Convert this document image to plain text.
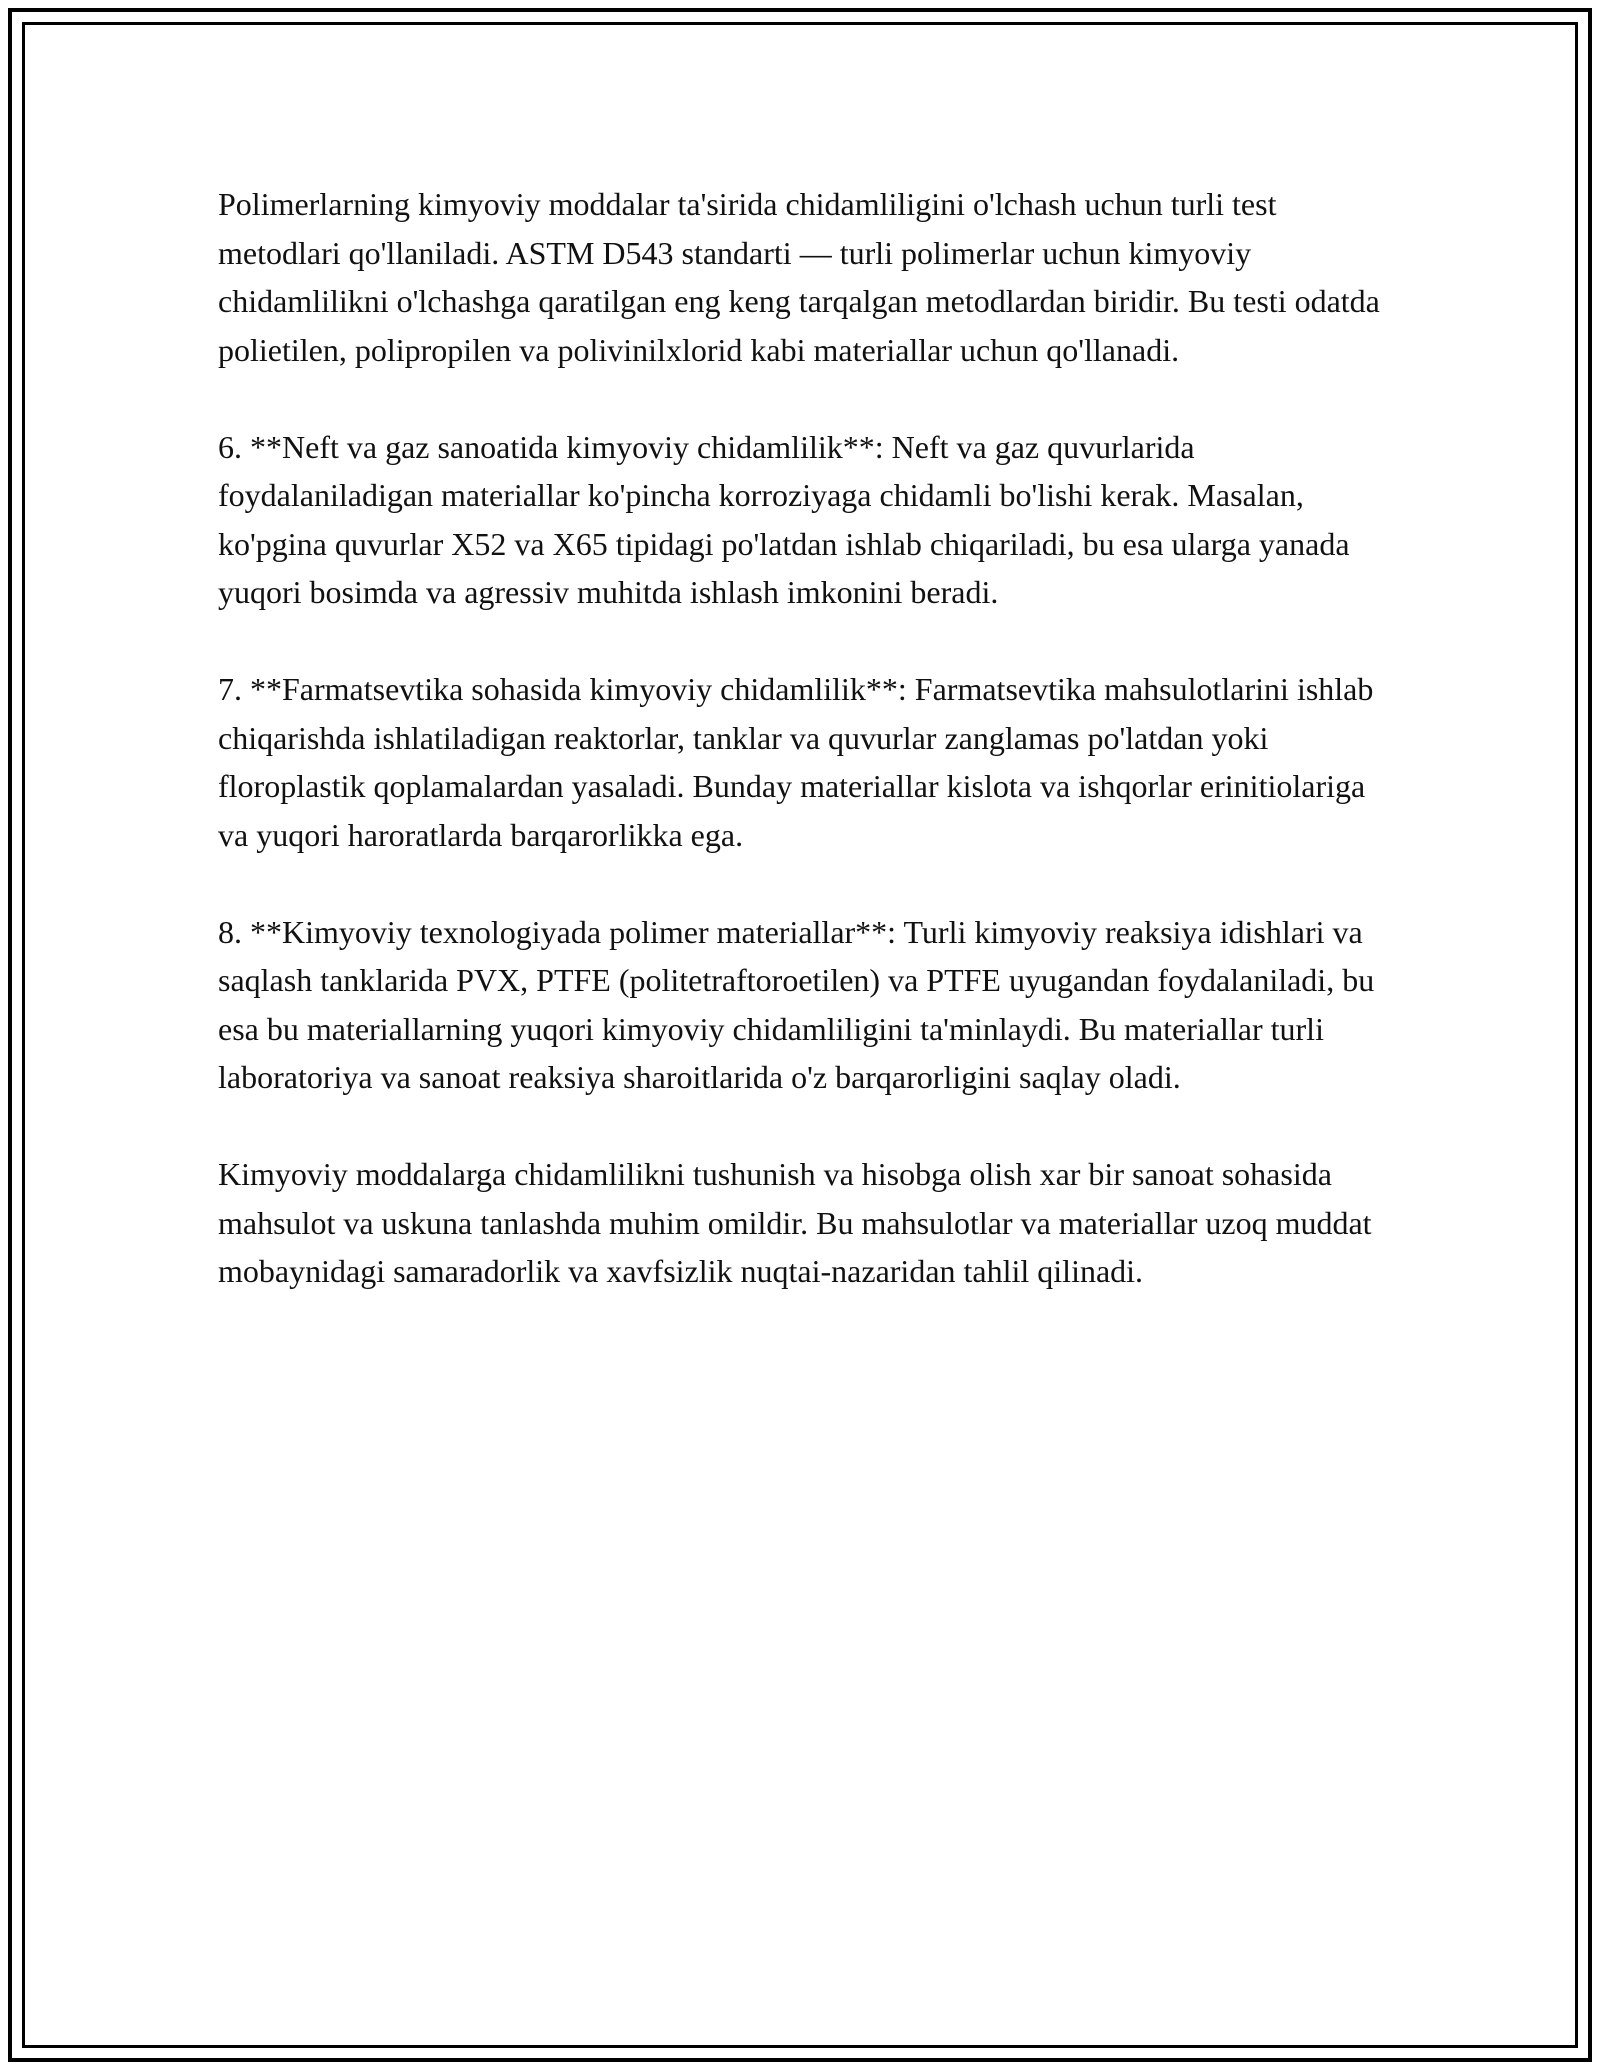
Polimerlarning kimyoviy moddalar ta'sirida chidamliligini o'lchash uchun turli test metodlari qo'llaniladi. ASTM D543 standarti — turli polimerlar uchun kimyoviy chidamlilikni o'lchashga qaratilgan eng keng tarqalgan metodlardan biridir. Bu testi odatda polietilen, polipropilen va polivinilxlorid kabi materiallar uchun qo'llanadi.

6. **Neft va gaz sanoatida kimyoviy chidamlilik**: Neft va gaz quvurlarida foydalaniladigan materiallar ko'pincha korroziyaga chidamli bo'lishi kerak. Masalan, ko'pgina quvurlar X52 va X65 tipidagi po'latdan ishlab chiqariladi, bu esa ularga yanada yuqori bosimda va agressiv muhitda ishlash imkonini beradi.

7. **Farmatsevtika sohasida kimyoviy chidamlilik**: Farmatsevtika mahsulotlarini ishlab chiqarishda ishlatiladigan reaktorlar, tanklar va quvurlar zanglamas po'latdan yoki floroplastik qoplamalardan yasaladi. Bunday materiallar kislota va ishqorlar erinitiolariga va yuqori haroratlarda barqarorlikka ega.

8. **Kimyoviy texnologiyada polimer materiallar**: Turli kimyoviy reaksiya idishlari va saqlash tanklarida PVX, PTFE (politetraftoroetilen) va PTFE uyugandan foydalaniladi, bu esa bu materiallarning yuqori kimyoviy chidamliligini ta'minlaydi. Bu materiallar turli laboratoriya va sanoat reaksiya sharoitlarida o'z barqarorligini saqlay oladi.

Kimyoviy moddalarga chidamlilikni tushunish va hisobga olish xar bir sanoat sohasida mahsulot va uskuna tanlashda muhim omildir. Bu mahsulotlar va materiallar uzoq muddat mobaynidagi samaradorlik va xavfsizlik nuqtai-nazaridan tahlil qilinadi.
